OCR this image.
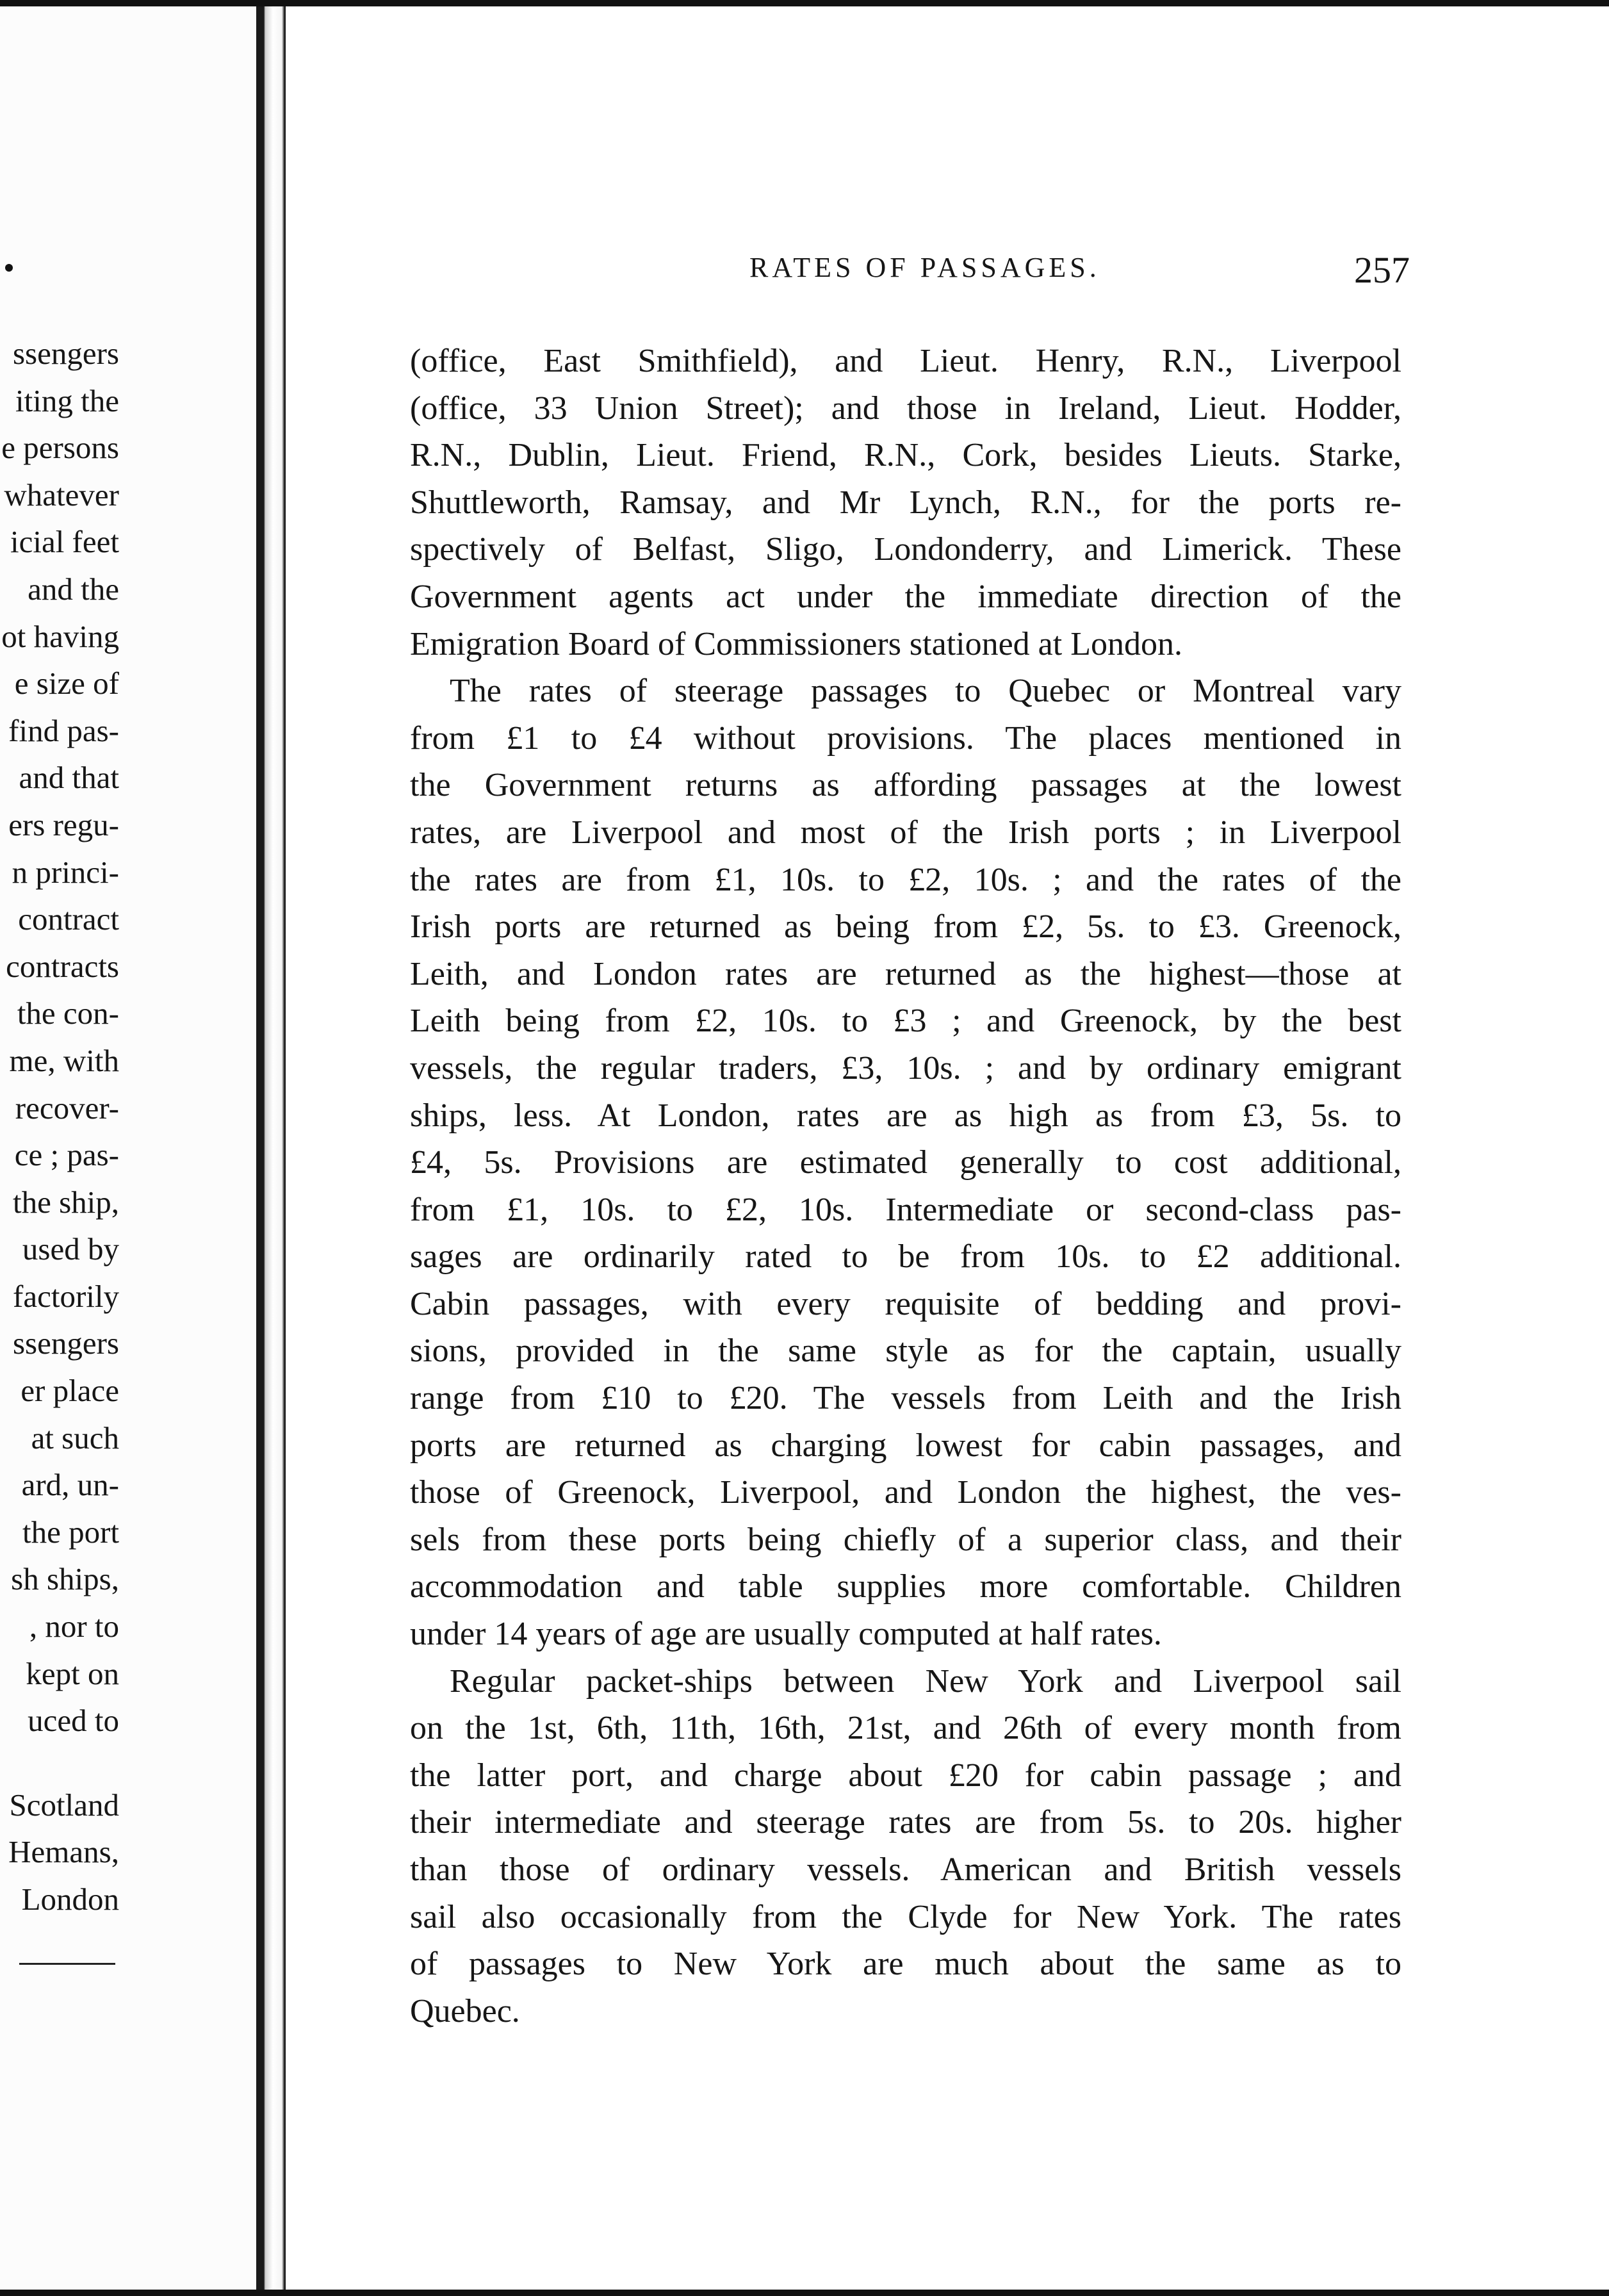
ssengers
iting the
e persons
whatever
icial feet
and the
ot having
e size of
find pas-
and that
ers regu-
n princi-
contract
contracts
the con-
me, with
recover-
ce ; pas-
the ship,
used by
factorily
ssengers
er place
at such
ard, un-
the port
sh ships,
, nor to
kept on
uced to
Scotland
Hemans,
London
RATES OF PASSAGES.	257
(office, East Smithfield), and Lieut. Henry, R.N., Liverpool
(office, 33 Union Street); and those in Ireland, Lieut. Hodder,
R.N., Dublin, Lieut. Friend, R.N., Cork, besides Lieuts. Starke,
Shuttleworth, Ramsay, and Mr Lynch, R.N., for the ports re-
spectively of Belfast, Sligo, Londonderry, and Limerick. These
Government agents act under the immediate direction of the
Emigration Board of Commissioners stationed at London.
The rates of steerage passages to Quebec or Montreal vary
from £1 to £4 without provisions. The places mentioned in
the Government returns as affording passages at the lowest
rates, are Liverpool and most of the Irish ports ; in Liverpool
the rates are from £1, 10s. to £2, 10s. ; and the rates of the
Irish ports are returned as being from £2, 5s. to £3. Greenock,
Leith, and London rates are returned as the highest—those at
Leith being from £2, 10s. to £3 ; and Greenock, by the best
vessels, the regular traders, £3, 10s. ; and by ordinary emigrant
ships, less. At London, rates are as high as from £3, 5s. to
£4, 5s. Provisions are estimated generally to cost additional,
from £1, 10s. to £2, 10s. Intermediate or second-class pas-
sages are ordinarily rated to be from 10s. to £2 additional.
Cabin passages, with every requisite of bedding and provi-
sions, provided in the same style as for the captain, usually
range from £10 to £20. The vessels from Leith and the Irish
ports are returned as charging lowest for cabin passages, and
those of Greenock, Liverpool, and London the highest, the ves-
sels from these ports being chiefly of a superior class, and their
accommodation and table supplies more comfortable. Children
under 14 years of age are usually computed at half rates.
Regular packet-ships between New York and Liverpool sail
on the 1st, 6th, 11th, 16th, 21st, and 26th of every month from
the latter port, and charge about £20 for cabin passage ; and
their intermediate and steerage rates are from 5s. to 20s. higher
than those of ordinary vessels. American and British vessels
sail also occasionally from the Clyde for New York. The rates
of passages to New York are much about the same as to
Quebec.
